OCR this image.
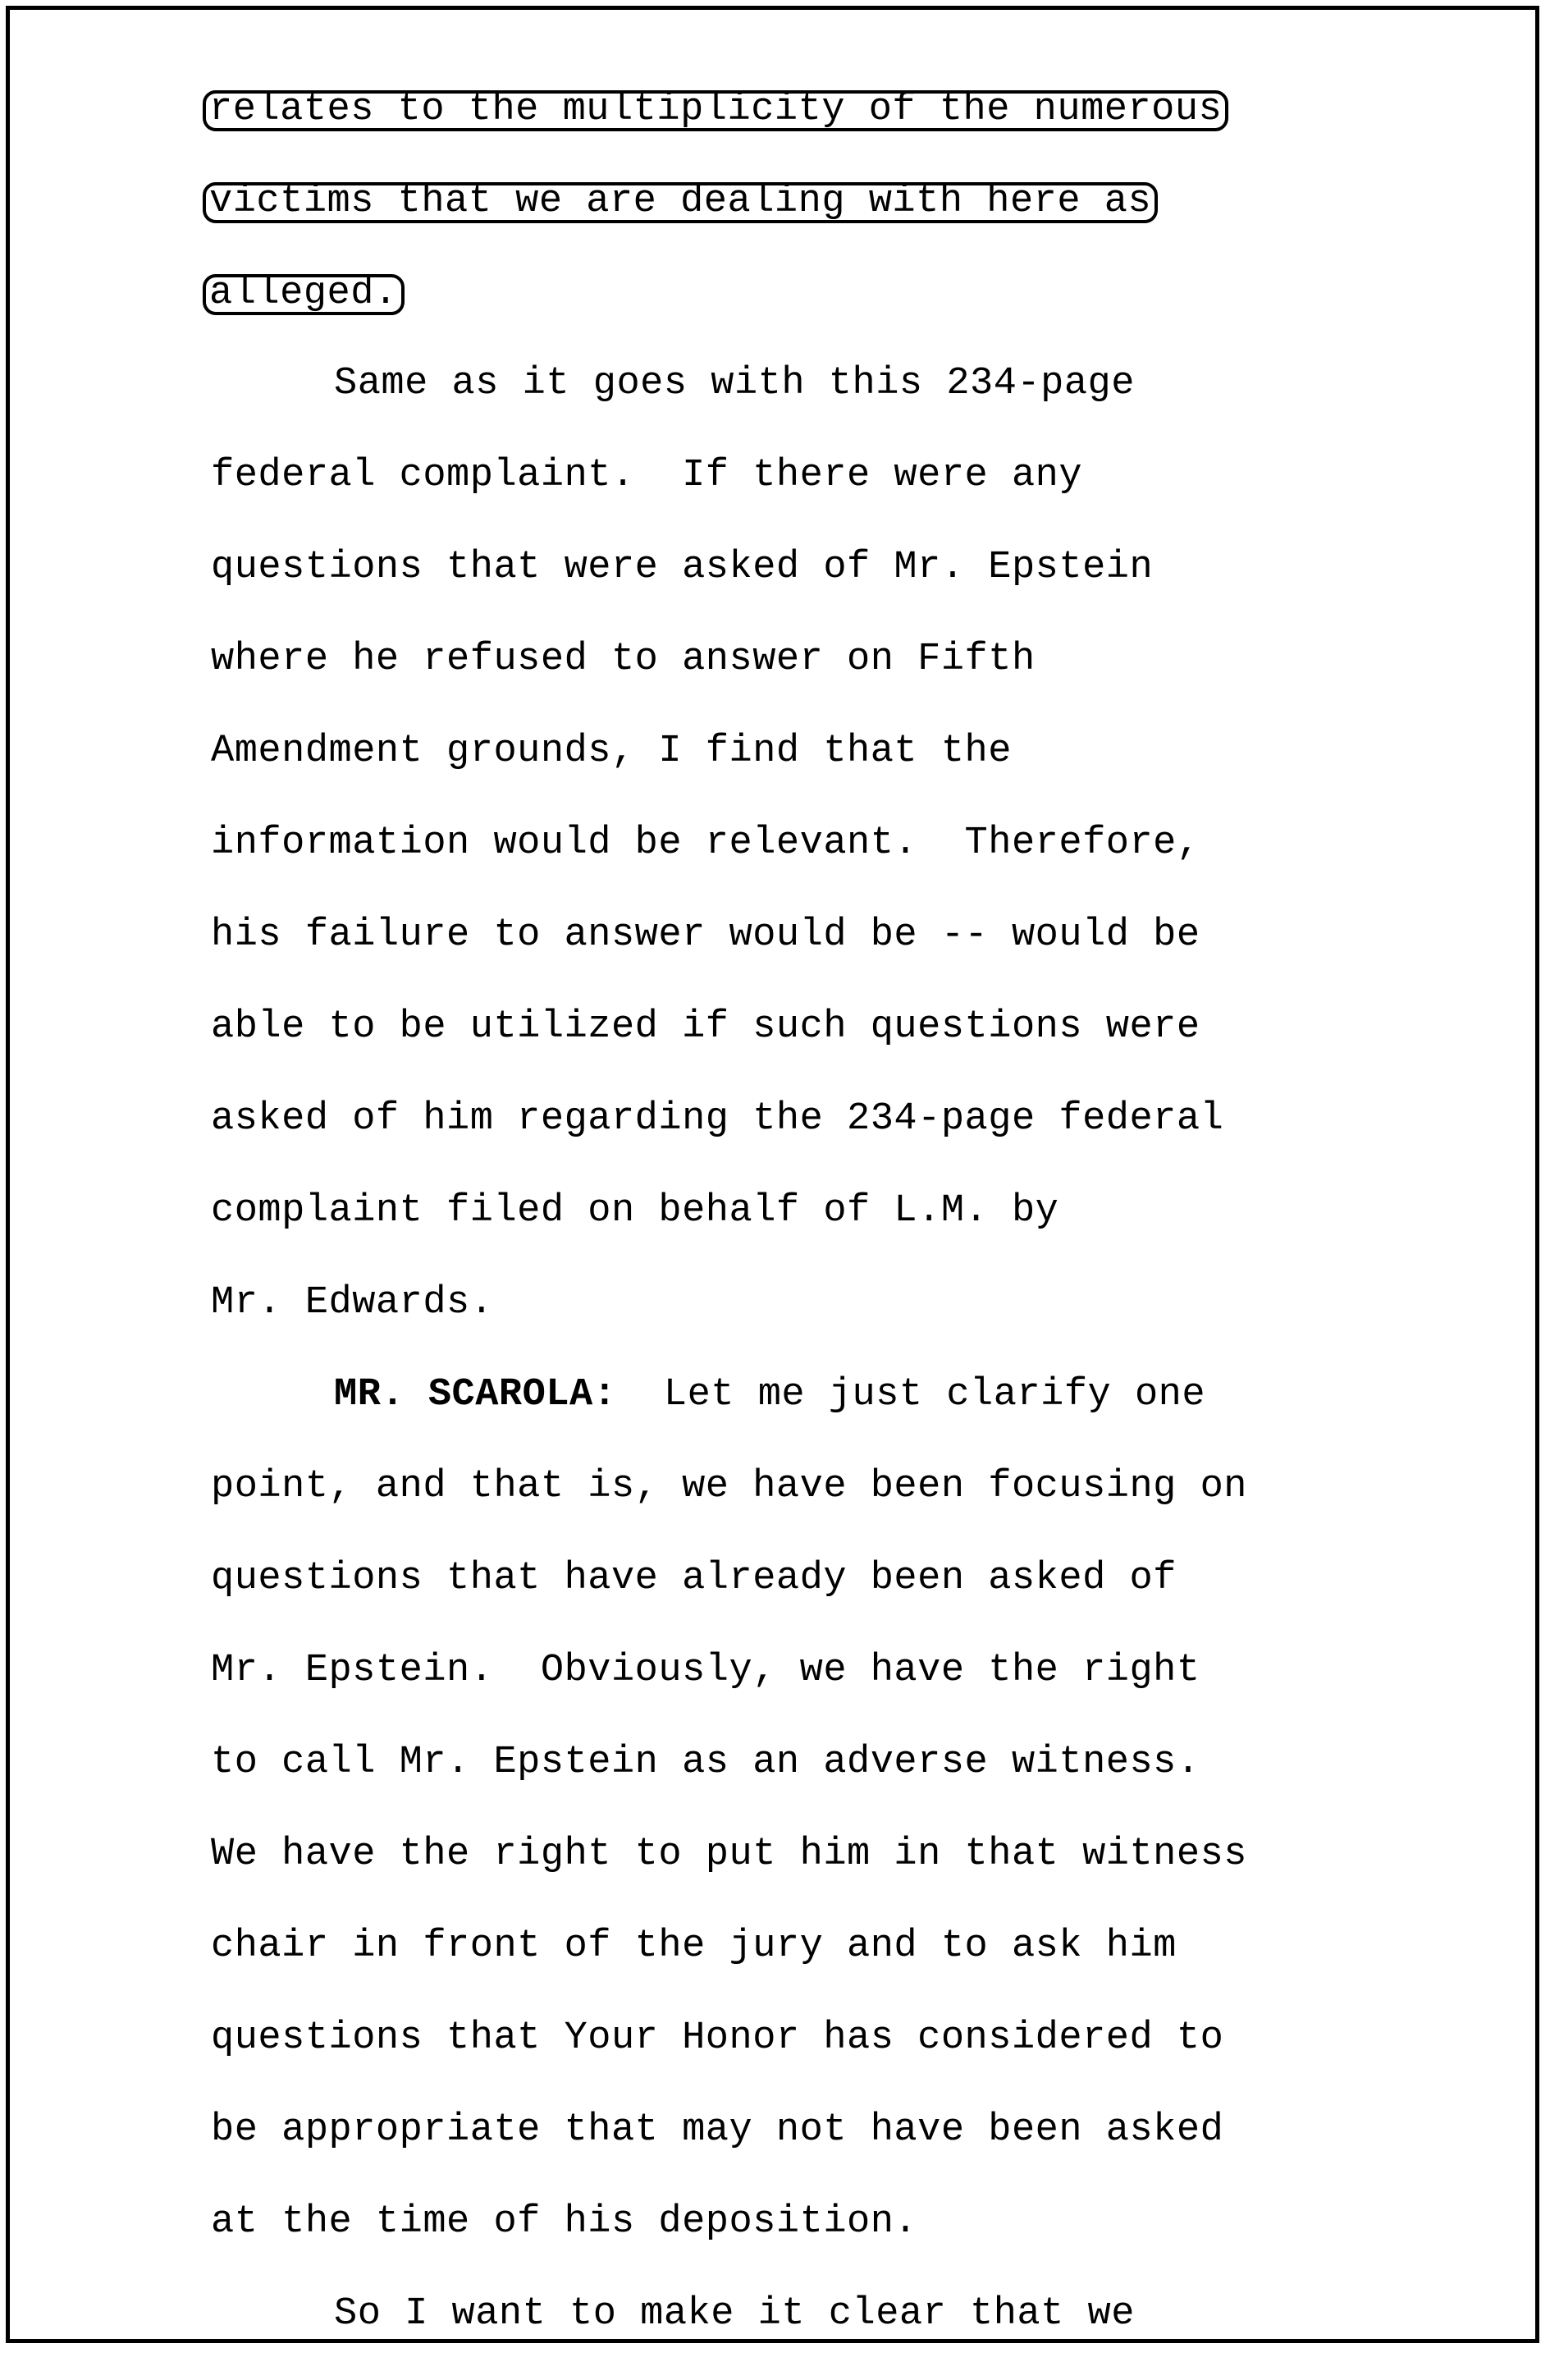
relates to the multiplicity of the numerous
victims that we are dealing with here as
alleged.
Same as it goes with this 234-page
federal complaint.  If there were any
questions that were asked of Mr. Epstein
where he refused to answer on Fifth
Amendment grounds, I find that the
information would be relevant.  Therefore,
his failure to answer would be -- would be
able to be utilized if such questions were
asked of him regarding the 234-page federal
complaint filed on behalf of L.M. by
Mr. Edwards.
MR. SCAROLA:  Let me just clarify one
point, and that is, we have been focusing on
questions that have already been asked of
Mr. Epstein.  Obviously, we have the right
to call Mr. Epstein as an adverse witness.
We have the right to put him in that witness
chair in front of the jury and to ask him
questions that Your Honor has considered to
be appropriate that may not have been asked
at the time of his deposition.
So I want to make it clear that we
